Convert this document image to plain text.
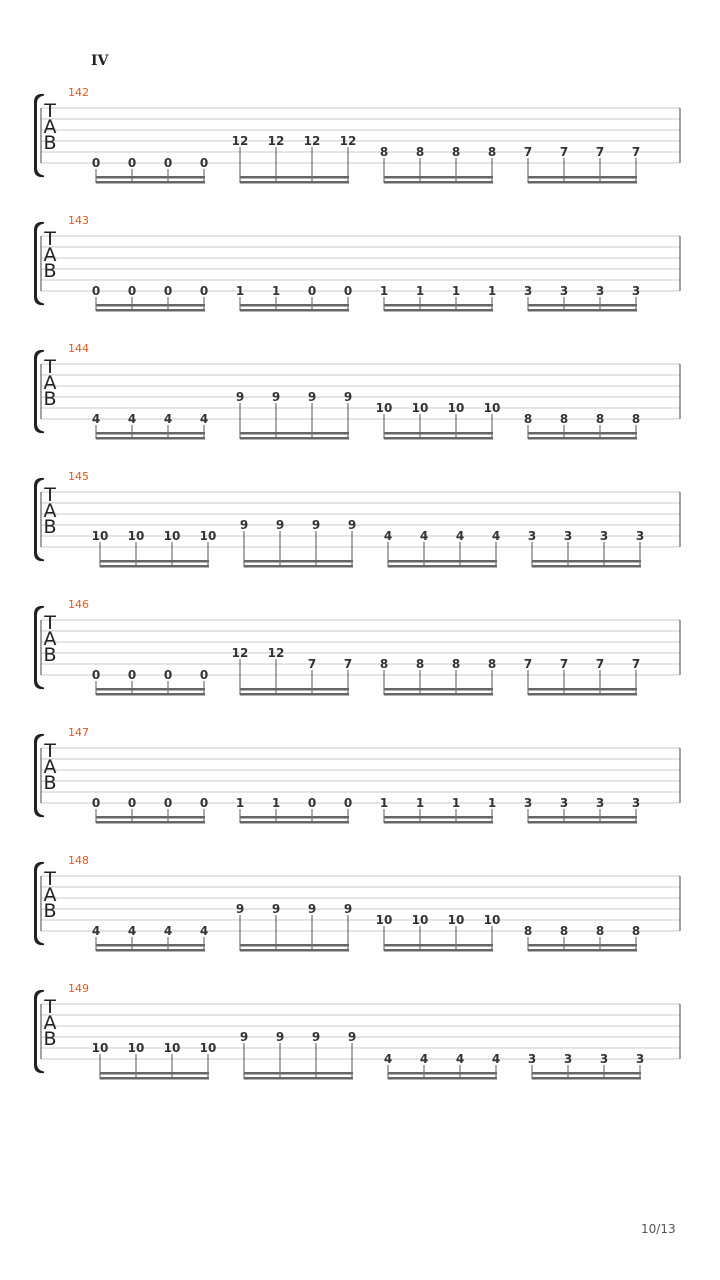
IV
142
T
A
B
0 0 0 0
12 12 12 12
8 8 8 8 7 7 7 7
143
T
A
B
0 0 0 0 1 1 0 0 1 1 1 1 3 3 3 3
144
T
A
B
4 4 4 4
9 9 9 9
10 10 10 10
8 8 8 8
145
T
A
B	10 10 10 10
9 9 9 9
4 4 4 4 3 3 3 3
146
T
A
B
0 0 0 0
12 12
7 7 8 8 8 8 7 7 7 7
147
T
A
B
0 0 0 0 1 1 0 0 1 1 1 1 3 3 3 3
148
T
A
B
4 4 4 4
9 9 9 9
10 10 10 10
8 8 8 8
149
T
A
B	10 10 10 10
9 9 9 9
4 4 4 4 3 3 3 3
10/13
